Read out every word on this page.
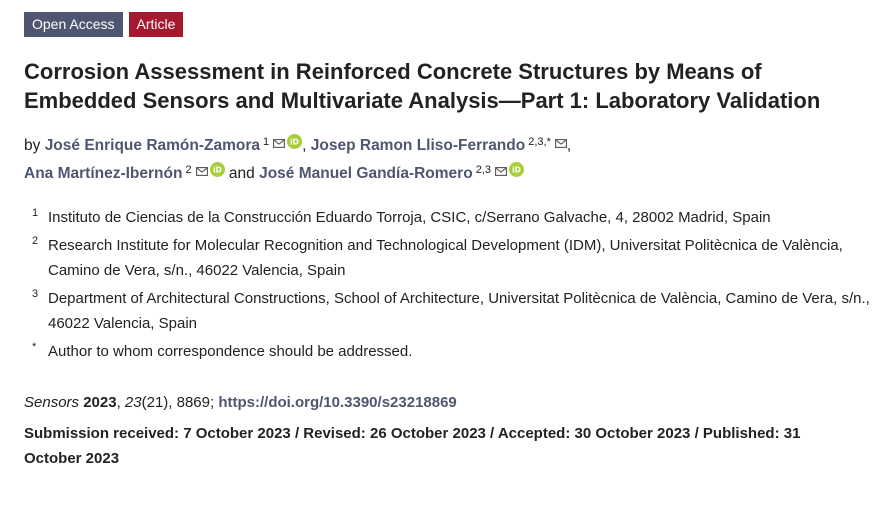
Open Access	Article
Corrosion Assessment in Reinforced Concrete Structures by Means of Embedded Sensors and Multivariate Analysis—Part 1: Laboratory Validation
by José Enrique Ramón-Zamora $^1$	iD , Josep Ramon Lliso-Ferrando $^{2,3,*}$ ,
Ana Martínez-Ibernón $^2$	iD and José Manuel Gandía-Romero $^{2,3}$	iD
1 Instituto de Ciencias de la Construcción Eduardo Torroja, CSIC, c/Serrano Galvache, 4, 28002 Madrid, Spain
2 Research Institute for Molecular Recognition and Technological Development (IDM), Universitat Politècnica de València, Camino de Vera, s/n., 46022 Valencia, Spain
3 Department of Architectural Constructions, School of Architecture, Universitat Politècnica de València, Camino de Vera, s/n., 46022 Valencia, Spain
* Author to whom correspondence should be addressed.
Sensors 2023, 23(21), 8869; https://doi.org/10.3390/s23218869
Submission received: 7 October 2023 / Revised: 26 October 2023 / Accepted: 30 October 2023 / Published: 31 October 2023
